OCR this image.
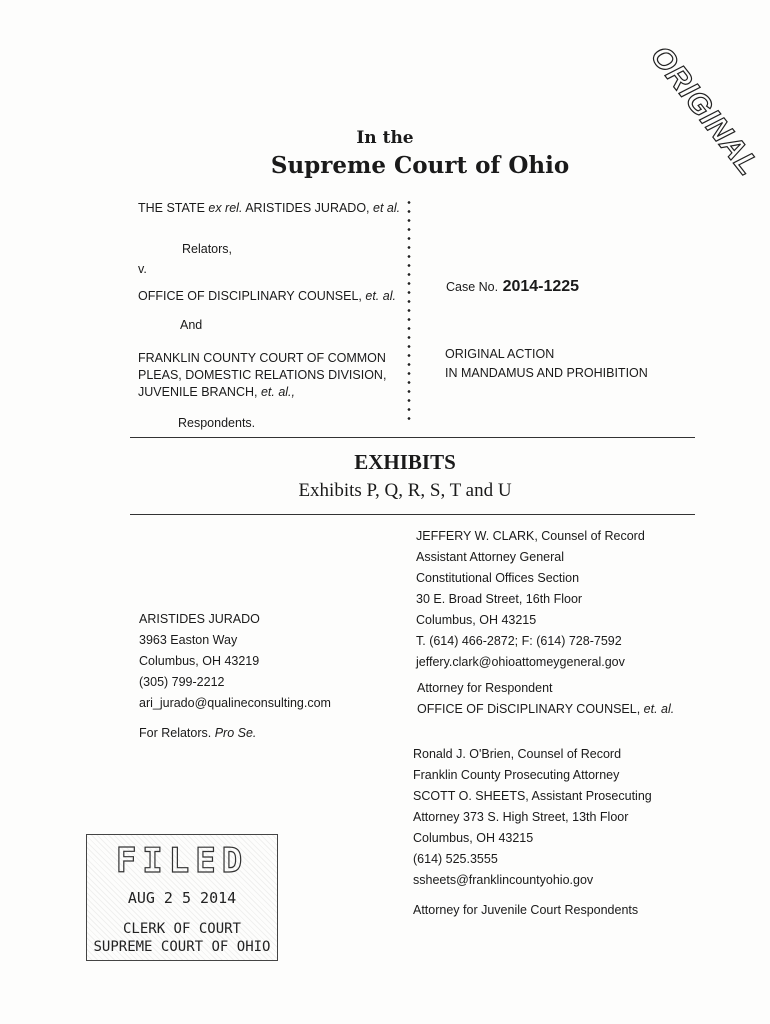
ORIGINAL
In the
Supreme Court of Ohio
THE STATE ex rel. ARISTIDES JURADO, et al.
Relators,
v.
OFFICE OF DISCIPLINARY COUNSEL, et. al.
And
FRANKLIN COUNTY COURT OF COMMON
PLEAS, DOMESTIC RELATIONS DIVISION,
JUVENILE BRANCH, et. al.,
Respondents.
Case No. 2014-1225
ORIGINAL ACTION
IN MANDAMUS AND PROHIBITION
EXHIBITS
Exhibits P, Q, R, S, T and U
ARISTIDES JURADO
3963 Easton Way
Columbus, OH 43219
(305) 799-2212
ari_jurado@qualineconsulting.com
For Relators. Pro Se.
JEFFERY W. CLARK, Counsel of Record
Assistant Attorney General
Constitutional Offices Section
30 E. Broad Street, 16th Floor
Columbus, OH 43215
T. (614) 466-2872; F: (614) 728-7592
jeffery.clark@ohioattomeygeneral.gov
Attorney for Respondent
OFFICE OF DiSCIPLINARY COUNSEL, et. al.
Ronald J. O'Brien, Counsel of Record
Franklin County Prosecuting Attorney
SCOTT O. SHEETS, Assistant Prosecuting
Attorney 373 S. High Street, 13th Floor
Columbus, OH 43215
(614) 525.3555
ssheets@franklincountyohio.gov
Attorney for Juvenile Court Respondents
FILED
AUG 2 5 2014
CLERK OF COURT
SUPREME COURT OF OHIO
